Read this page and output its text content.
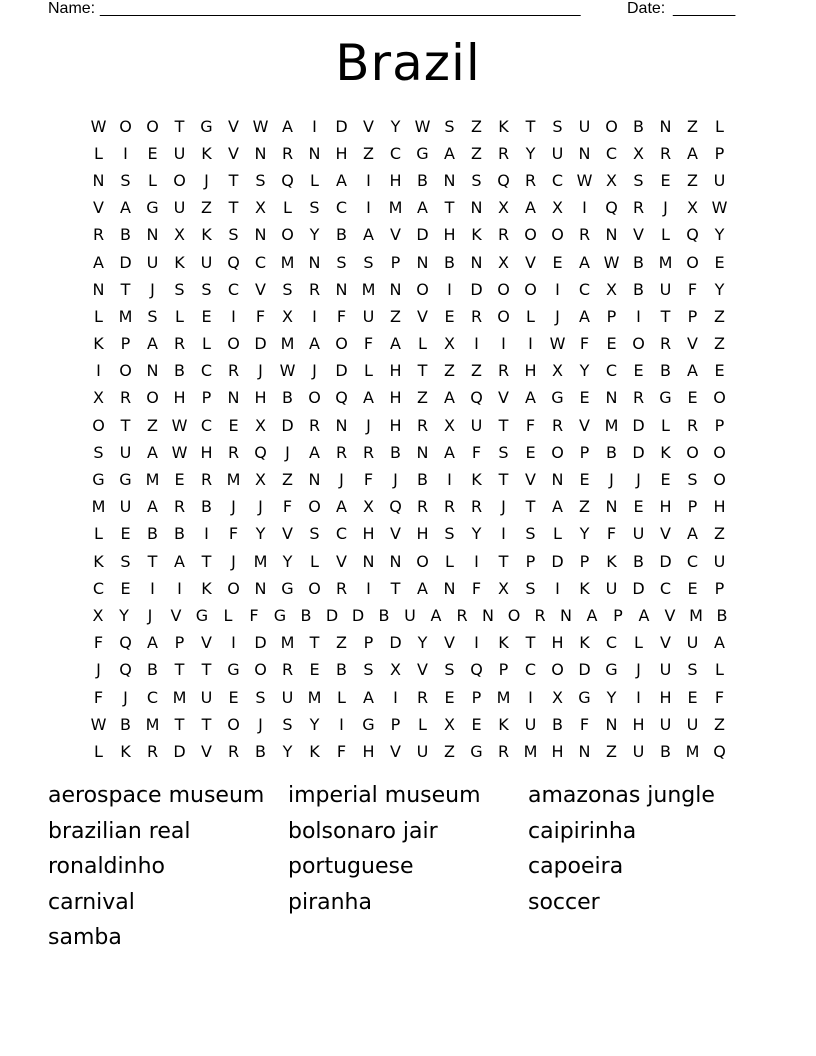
Name: ______________________________________________________	Date: _______
Brazil
W O O T G V W A	I	D V	Y W S	Z	K	T	S	U O B N Z	L
L	I	E	U K	V N R N H Z C G A	Z R	Y	U N C X R A	P
N S	L	O	J	T	S Q	L	A	I	H B N S Q R C W X	S	E	Z U
V	A G U Z	T	X	L	S	C	I	M A	T	N X	A	X	I	Q R	J	X W
R B N X	K	S N O Y	B	A	V D H K	R O O R N V	L	Q Y
A D U K U Q C M N S	S	P	N B N X	V	E	A W B M O E
N	T	J	S	S	C V	S	R N M N O	I	D O O	I	C X	B U	F	Y
L M S	L	E	I	F	X	I	F	U Z	V	E	R O	L	J	A	P	I	T	P	Z
K	P	A R	L	O D M A O	F	A	L	X	I	I	I	W F	E O R V	Z
I	O N B C R	J	W	J	D	L	H	T	Z	Z R H X	Y	C	E	B	A	E
X R O H	P	N H B O Q A H Z	A Q V	A G E N R G E O
O T	Z W C	E	X D R N	J	H R X U	T	F	R V M D	L	R	P
S	U A W H R Q	J	A R R B N A	F	S	E O P	B D K O O
G G M E	R M X	Z N	J	F	J	B	I	K	T	V N E	J	J	E	S O
M U A R B	J	J	F	O A	X Q R R R	J	T	A	Z N E H	P	H
L	E	B	B	I	F	Y	V	S	C H V H S	Y	I	S	L	Y	F	U V	A	Z
K	S	T	A	T	J	M Y	L	V N N O	L	I	T	P	D	P	K	B D C U
C	E	I	I	K O N G O R	I	T	A N	F	X	S	I	K U D C	E	P
X Y	J	V G L	F G B D D B U A R N O R N A P A V M B
F	Q A	P	V	I	D M T	Z	P	D Y	V	I	K	T	H K	C	L	V U A
J	Q B	T	T G O R	E	B	S	X	V	S Q P	C O D G	J	U	S	L
F	J	C M U	E	S	U M L	A	I	R	E	P M	I	X G Y	I	H E	F
W B M T	T O	J	S	Y	I	G P	L	X	E	K U B	F	N H U U Z
L	K	R D V R B	Y	K	F	H V U Z G R M H N Z U B M Q
aerospace museum	imperial museum	amazonas jungle
brazilian real	bolsonaro jair	caipirinha
ronaldinho	portuguese	capoeira
carnival	piranha	soccer
samba
